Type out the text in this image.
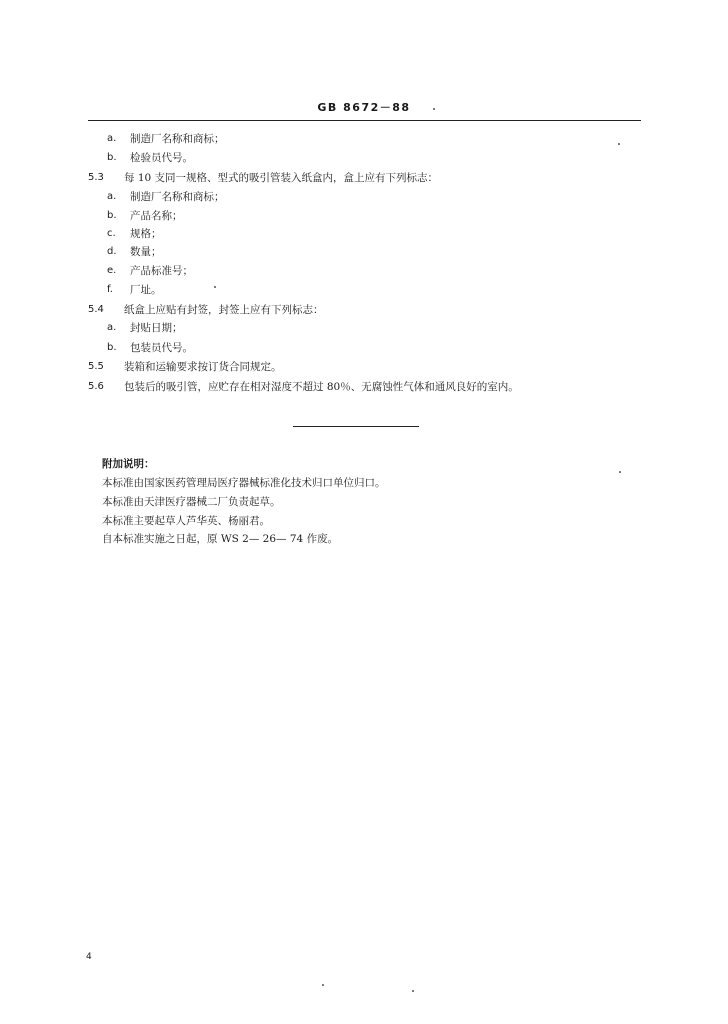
GB 8672－88
a.	制造厂名称和商标；
b.	检验员代号。
5.3	每 10 支同一规格、型式的吸引管装入纸盒内，盒上应有下列标志：
a.	制造厂名称和商标；
b.	产品名称；
c.	规格；
d.	数量；
e.	产品标准号；
f.	厂址。
5.4	纸盒上应贴有封签，封签上应有下列标志：
a.	封贴日期；
b.	包装员代号。
5.5	装箱和运输要求按订货合同规定。
5.6	包装后的吸引管，应贮存在相对湿度不超过 80％、无腐蚀性气体和通风良好的室内。
附加说明：
本标准由国家医药管理局医疗器械标准化技术归口单位归口。
本标准由天津医疗器械二厂负责起草。
本标准主要起草人芦华英、杨丽君。
自本标准实施之日起，原 WS 2— 26— 74 作废。
4
